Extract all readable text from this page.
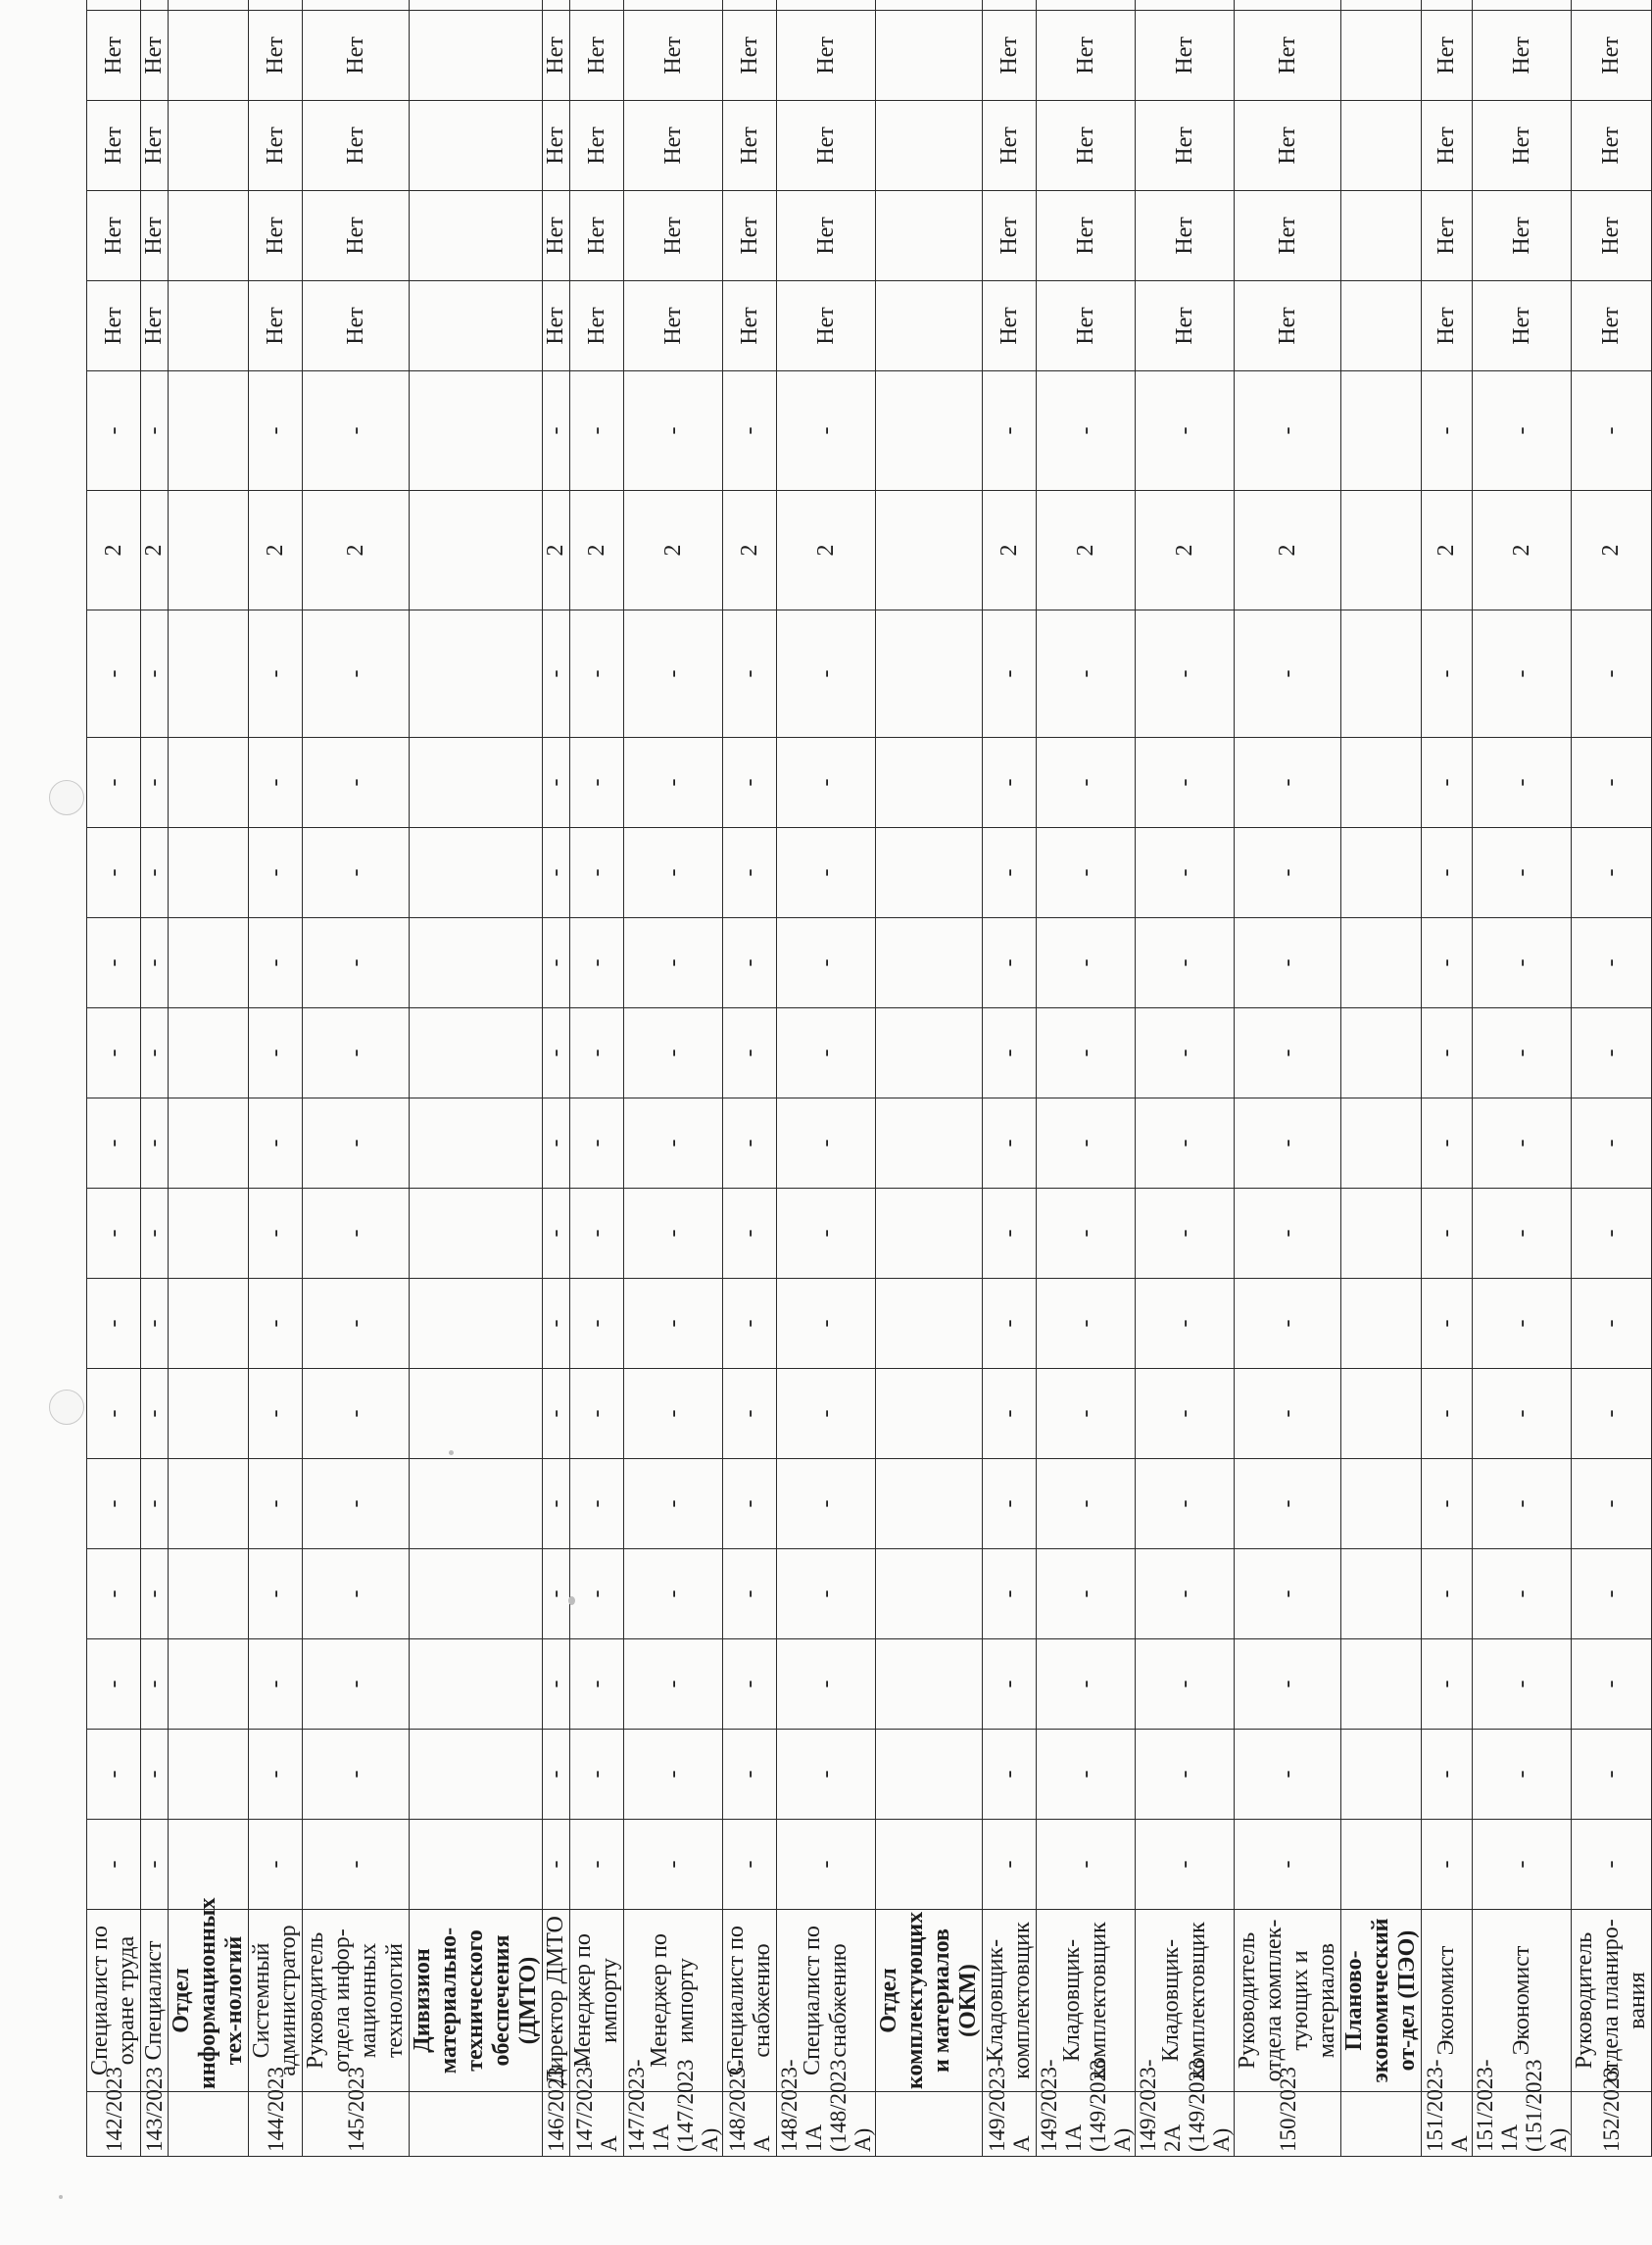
142/2023	Специалист по охране труда	-	-	-	-	-	-	-	-	-	-	-	-	-	-	2	-	Нет	Нет	Нет	Нет		
143/2023	Специалист	-	-	-	-	-	-	-	-	-	-	-	-	-	-	2	-	Нет	Нет	Нет	Нет		
	Отдел информационных тех-нологий																						
144/2023	Системный администратор	-	-	-	-	-	-	-	-	-	-	-	-	-	-	2	-	Нет	Нет	Нет	Нет		
145/2023	Руководитель отдела инфор-мационных технологий	-	-	-	-	-	-	-	-	-	-	-	-	-	-	2	-	Нет	Нет	Нет	Нет		
	Дивизион материально-технического обеспечения (ДМТО)																						
146/2023	Директор ДМТО	-	-	-	-	-	-	-	-	-	-	-	-	-	-	2	-	Нет	Нет	Нет	Нет		
147/2023-А	Менеджер по импорту	-	-	-	-	-	-	-	-	-	-	-	-	-	-	2	-	Нет	Нет	Нет	Нет		
147/2023-1А (147/2023 А)	Менеджер по импорту	-	-	-	-	-	-	-	-	-	-	-	-	-	-	2	-	Нет	Нет	Нет	Нет		
148/2023-А	Специалист по снабжению	-	-	-	-	-	-	-	-	-	-	-	-	-	-	2	-	Нет	Нет	Нет	Нет		
148/2023-1А (148/2023 А)	Специалист по снабжению	-	-	-	-	-	-	-	-	-	-	-	-	-	-	2	-	Нет	Нет	Нет	Нет		
	Отдел комплектующих и материалов (ОКМ)																						
149/2023-А	Кладовщик-комплектовщик	-	-	-	-	-	-	-	-	-	-	-	-	-	-	2	-	Нет	Нет	Нет	Нет		
149/2023-1А (149/2023 А)	Кладовщик-комплектовщик	-	-	-	-	-	-	-	-	-	-	-	-	-	-	2	-	Нет	Нет	Нет	Нет		
149/2023-2А (149/2023 А)	Кладовщик-комплектовщик	-	-	-	-	-	-	-	-	-	-	-	-	-	-	2	-	Нет	Нет	Нет	Нет		
150/2023	Руководитель отдела комплек-тующих и материалов	-	-	-	-	-	-	-	-	-	-	-	-	-	-	2	-	Нет	Нет	Нет	Нет		
	Планово-экономический от-дел (ПЭО)																						
151/2023-А	Экономист	-	-	-	-	-	-	-	-	-	-	-	-	-	-	2	-	Нет	Нет	Нет	Нет		
151/2023-1А (151/2023 А)	Экономист	-	-	-	-	-	-	-	-	-	-	-	-	-	-	2	-	Нет	Нет	Нет	Нет		
152/2023	Руководитель отдела планиро-вания	-	-	-	-	-	-	-	-	-	-	-	-	-	-	2	-	Нет	Нет	Нет	Нет		
